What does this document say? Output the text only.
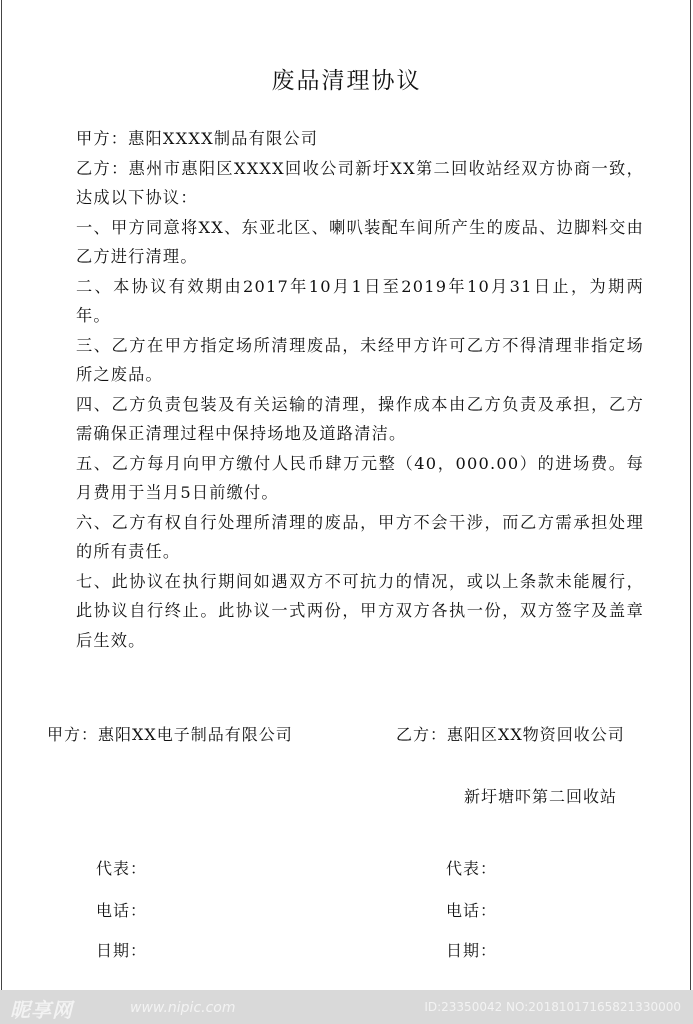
废品清理协议

甲方：惠阳XXXX制品有限公司

乙方：惠州市惠阳区XXXX回收公司新圩XX第二回收站经双方协商一致，达成以下协议：

一、甲方同意将XX、东亚北区、喇叭装配车间所产生的废品、边脚料交由乙方进行清理。

二、本协议有效期由2017年10月1日至2019年10月31日止，为期两年。

三、乙方在甲方指定场所清理废品，未经甲方许可乙方不得清理非指定场所之废品。

四、乙方负责包装及有关运输的清理，操作成本由乙方负责及承担，乙方需确保正清理过程中保持场地及道路清洁。

五、乙方每月向甲方缴付人民币肆万元整（40，000.00）的进场费。每月费用于当月5日前缴付。

六、乙方有权自行处理所清理的废品，甲方不会干涉，而乙方需承担处理的所有责任。

七、此协议在执行期间如遇双方不可抗力的情况，或以上条款未能履行，此协议自行终止。此协议一式两份，甲方双方各执一份，双方签字及盖章后生效。

甲方：惠阳XX电子制品有限公司	乙方：惠阳区XX物资回收公司
新圩塘吓第二回收站
代表：	代表：
电话：	电话：
日期：	日期：
昵享网	www.nipic.com	ID:23350042 NO:20181017165821330000
